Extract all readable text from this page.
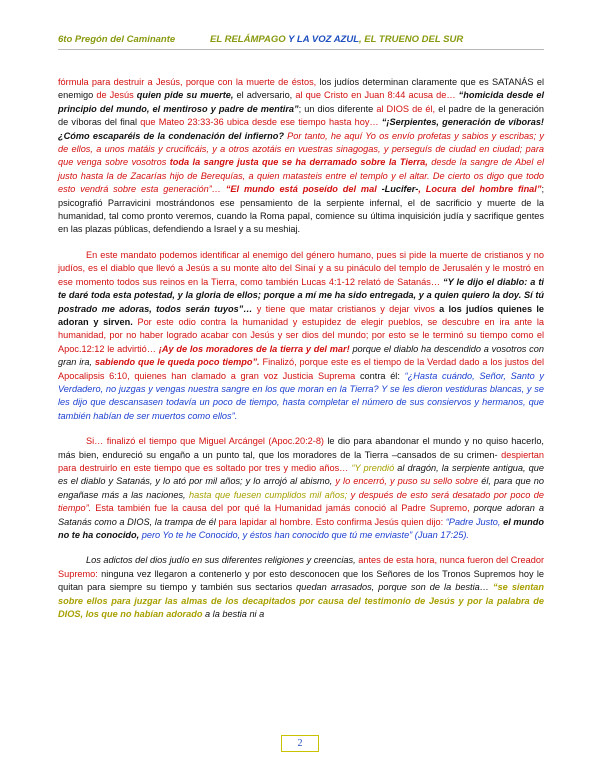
6to Pregón del Caminante	EL RELÁMPAGO Y LA VOZ AZUL, EL TRUENO DEL SUR

fórmula para destruir a Jesús, porque con la muerte de éstos, los judíos determinan claramente que es SATANÁS el enemigo de Jesús quien pide su muerte, el adversario, al que Cristo en Juan 8:44 acusa de… “homicida desde el principio del mundo, el mentiroso y padre de mentira”; un dios diferente al DIOS de él, el padre de la generación de víboras del final que Mateo 23:33-36 ubica desde ese tiempo hasta hoy… “¡Serpientes, generación de víboras! ¿Cómo escaparéis de la condenación del infierno? Por tanto, he aquí Yo os envío profetas y sabios y escribas; y de ellos, a unos matáis y crucificáis, y a otros azotáis en vuestras sinagogas, y perseguís de ciudad en ciudad; para que venga sobre vosotros toda la sangre justa que se ha derramado sobre la Tierra, desde la sangre de Abel el justo hasta la de Zacarías hijo de Berequías, a quien matasteis entre el templo y el altar. De cierto os digo que todo esto vendrá sobre esta generación”… “El mundo está poseído del mal -Lucifer-, Locura del hombre final”; psicografió Parravicini mostrándonos ese pensamiento de la serpiente infernal, el de sacrificio y muerte de la humanidad, tal como pronto veremos, cuando la Roma papal, comience su última inquisición judía y sacrifique gentes en las plazas públicas, defendiendo a Israel y a su meshiaj.

En este mandato podemos identificar al enemigo del género humano, pues si pide la muerte de cristianos y no judíos, es el diablo que llevó a Jesús a su monte alto del Sinaí y a su pináculo del templo de Jerusalén y le mostró en ese momento todos sus reinos en la Tierra, como también Lucas 4:1-12 relató de Satanás… “Y le dijo el diablo: a ti te daré toda esta potestad, y la gloria de ellos; porque a mí me ha sido entregada, y a quien quiero la doy. Sí tú postrado me adoras, todos serán tuyos”… y tiene que matar cristianos y dejar vivos a los judíos quienes le adoran y sirven. Por este odio contra la humanidad y estupidez de elegir pueblos, se descubre en ira ante la humanidad, por no haber logrado acabar con Jesús y ser dios del mundo; por esto se le terminó su tiempo como el Apoc.12:12 le advirtió… ¡Ay de los moradores de la tierra y del mar! porque el diablo ha descendido a vosotros con gran ira, sabiendo que le queda poco tiempo”. Finalizó, porque este es el tiempo de la Verdad dado a los justos del Apocalipsis 6:10, quienes han clamado a gran voz Justicia Suprema contra él: “¿Hasta cuándo, Señor, Santo y Verdadero, no juzgas y vengas nuestra sangre en los que moran en la Tierra? Y se les dieron vestiduras blancas, y se les dijo que descansasen todavía un poco de tiempo, hasta completar el número de sus consiervos y hermanos, que también habían de ser muertos como ellos”.

Si… finalizó el tiempo que Miguel Arcángel (Apoc.20:2-8) le dio para abandonar el mundo y no quiso hacerlo, más bien, endureció su engaño a un punto tal, que los moradores de la Tierra –cansados de su crimen- despiertan para destruirlo en este tiempo que es soltado por tres y medio años… “Y prendió al dragón, la serpiente antigua, que es el diablo y Satanás, y lo ató por mil años; y lo arrojó al abismo, y lo encerró, y puso su sello sobre él, para que no engañase más a las naciones, hasta que fuesen cumplidos mil años; y después de esto será desatado por poco de tiempo”. Esta también fue la causa del por qué la Humanidad jamás conoció al Padre Supremo, porque adoran a Satanás como a DIOS, la trampa de él para lapidar al hombre. Esto confirma Jesús quien dijo: “Padre Justo, el mundo no te ha conocido, pero Yo te he Conocido, y éstos han conocido que tú me enviaste” (Juan 17:25).

Los adictos del dios judío en sus diferentes religiones y creencias, antes de esta hora, nunca fueron del Creador Supremo: ninguna vez llegaron a contenerlo y por esto desconocen que los Señores de los Tronos Supremos hoy le quitan para siempre su tiempo y también sus sectarios quedan arrasados, porque son de la bestia… “se sientan sobre ellos para juzgar las almas de los decapitados por causa del testimonio de Jesús y por la palabra de DIOS, los que no habían adorado a la bestia ni a

2
